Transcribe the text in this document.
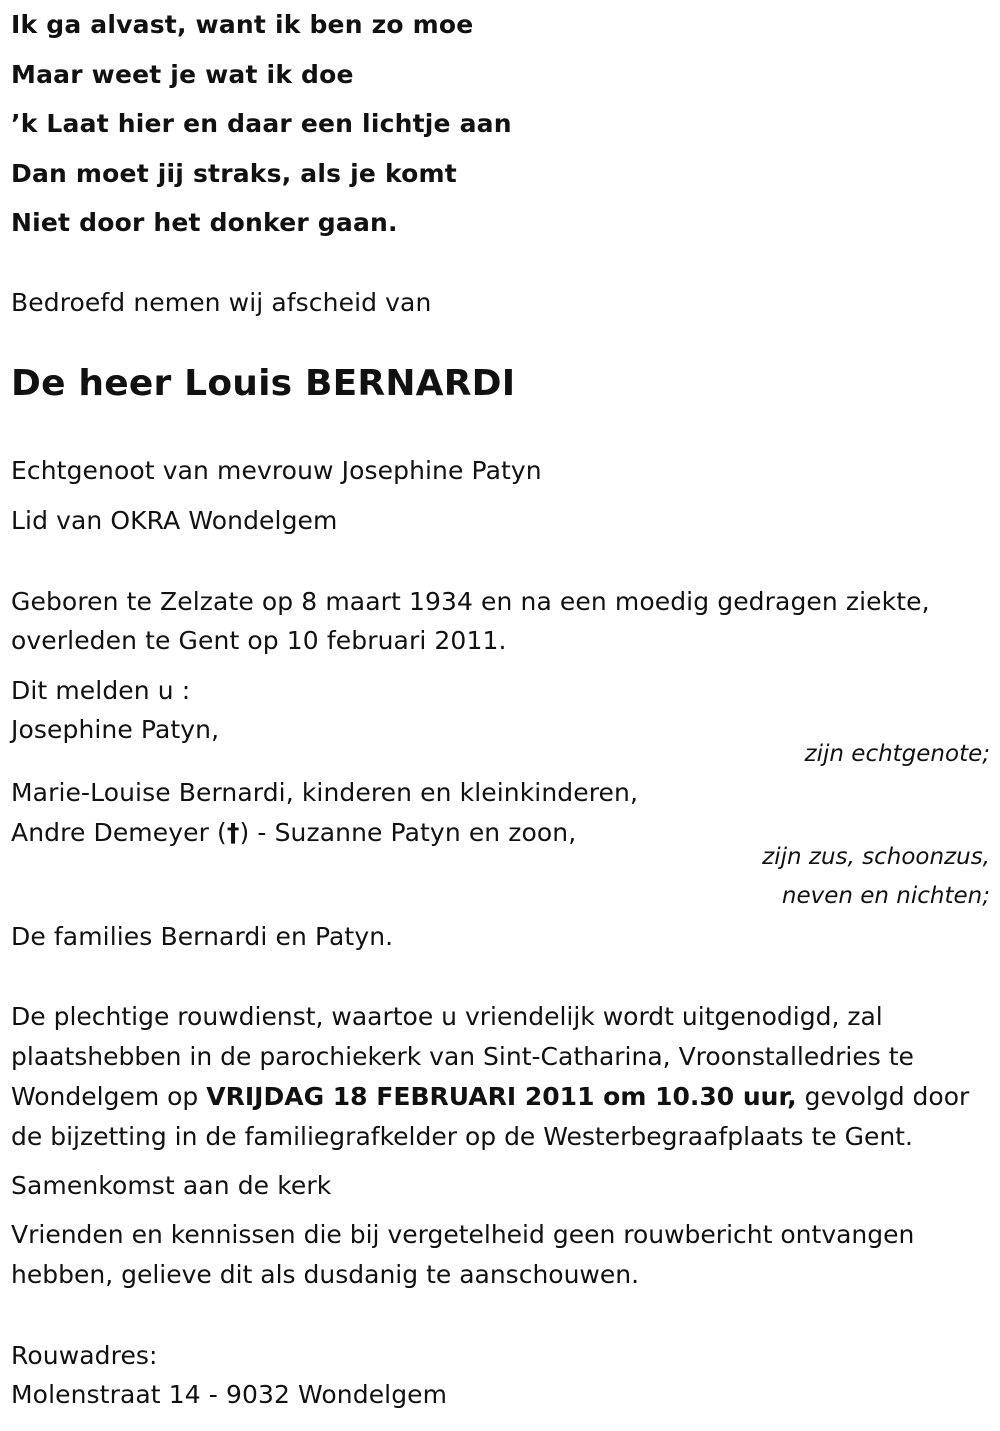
Ik ga alvast, want ik ben zo moe
Maar weet je wat ik doe
’k Laat hier en daar een lichtje aan
Dan moet jij straks, als je komt
Niet door het donker gaan.
Bedroefd nemen wij afscheid van
De heer Louis BERNARDI
Echtgenoot van mevrouw Josephine Patyn
Lid van OKRA Wondelgem
Geboren te Zelzate op 8 maart 1934 en na een moedig gedragen ziekte,
overleden te Gent op 10 februari 2011.
Dit melden u :
Josephine Patyn,
zijn echtgenote;
Marie-Louise Bernardi, kinderen en kleinkinderen,
Andre Demeyer (†) - Suzanne Patyn en zoon,
zijn zus, schoonzus,
neven en nichten;
De families Bernardi en Patyn.
De plechtige rouwdienst, waartoe u vriendelijk wordt uitgenodigd, zal plaatshebben in de parochiekerk van Sint-Catharina, Vroonstalledries te Wondelgem op VRIJDAG 18 FEBRUARI 2011 om 10.30 uur, gevolgd door de bijzetting in de familiegrafkelder op de Westerbegraafplaats te Gent.
Samenkomst aan de kerk
Vrienden en kennissen die bij vergetelheid geen rouwbericht ontvangen hebben, gelieve dit als dusdanig te aanschouwen.
Rouwadres:
Molenstraat 14 - 9032 Wondelgem
